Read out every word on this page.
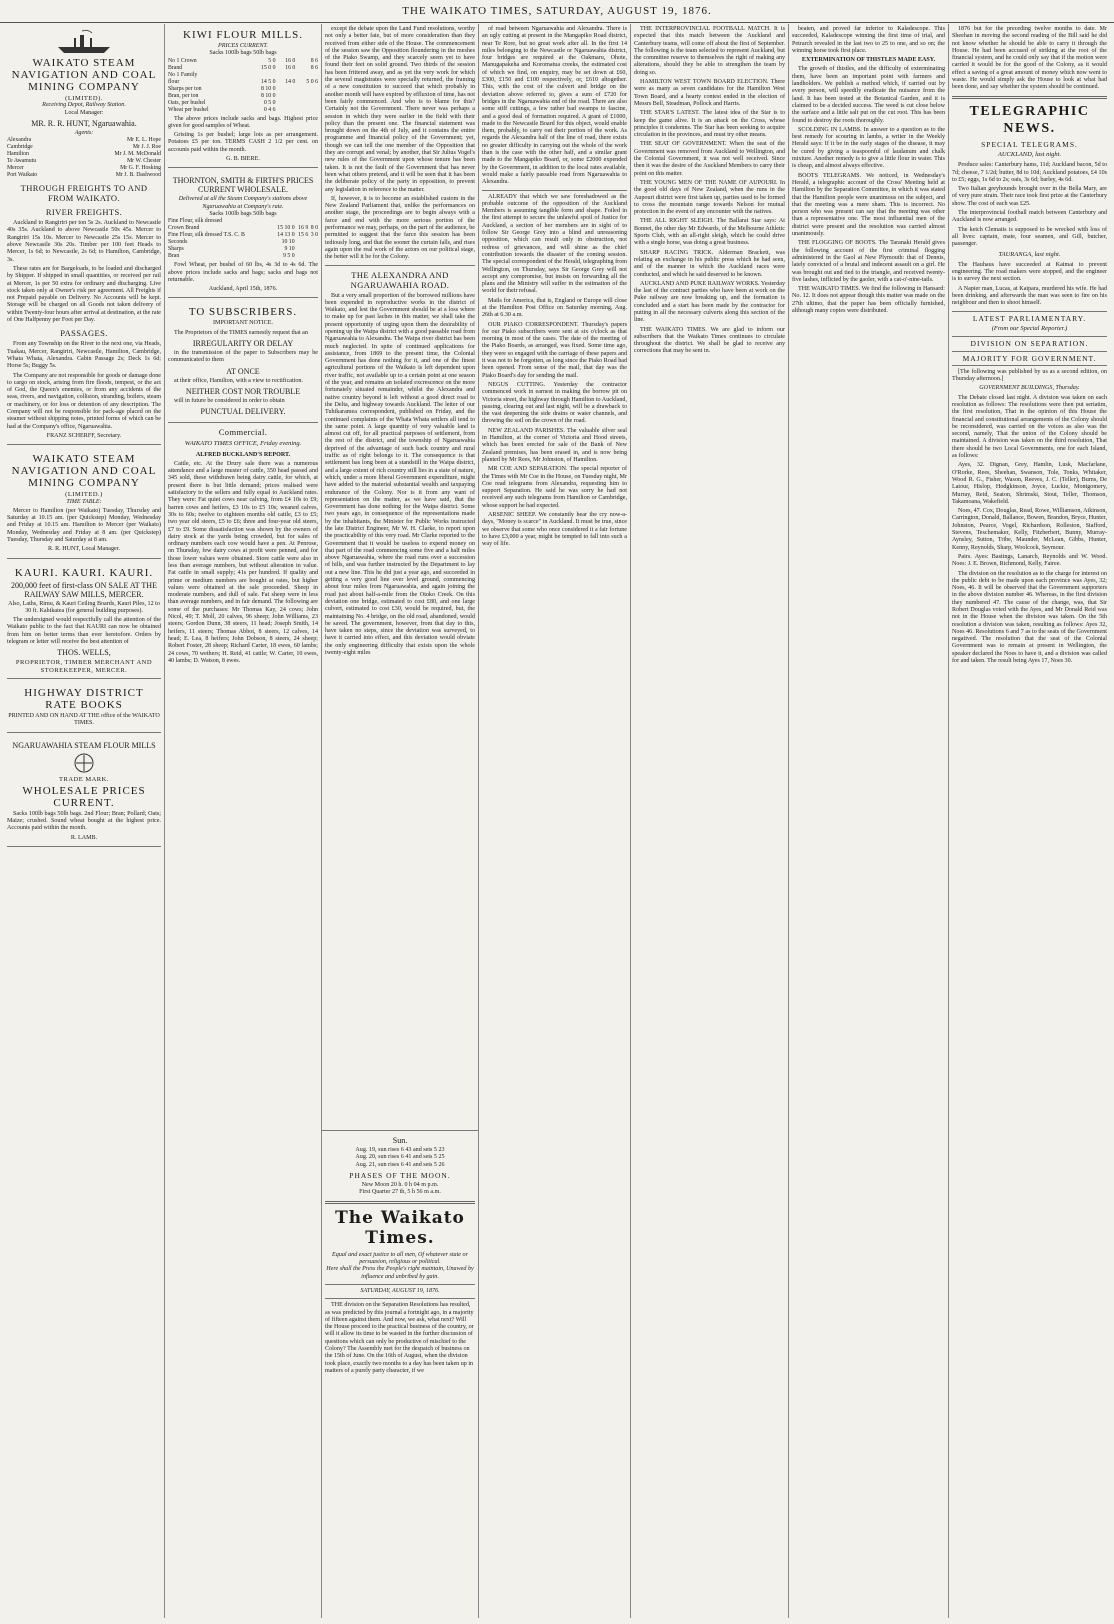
THE WAIKATO TIMES, SATURDAY, AUGUST 19, 1876.
WAIKATO STEAM NAVIGATION AND COAL MINING COMPANY
(LIMITED).
Receiving Depot, Railway Station.
Local Manager:
MR. R. R. HUNT, Ngaruawahia.
Agents:
Alexandra	Mr E. L. Hope
Cambridge	Mr J. J. Roe
Hamilton	Mr J. M. McDonald
Te Awamutu	Mr W. Chester
Mercer	Mr G. F. Hosking
Port Waikato	Mr J. B. Dashwood
THROUGH FREIGHTS TO AND FROM WAIKATO.
RIVER FREIGHTS.
Auckland to Rangiriri per ton 5s 2s. Auckland to Newcastle 40s 35s. Auckland to above Newcastle 50s 45s. Mercer to Rangiriri 15s 10s. Mercer to Newcastle 25s 15s. Mercer to above Newcastle 30s 20s. Timber per 100 feet Heads to Mercer, 1s 6d; to Newcastle, 2s 6d; to Hamilton, Cambridge, 3s.
These rates are for Bargeloads, to be loaded and discharged by Shipper. If shipped in small quantities, or received per rail at Mercer, 1s per 50 extra for ordinary and discharging. Live stock taken only at Owner's risk per agreement. All Freights if not Prepaid payable on Delivery. No Accounts will be kept. Storage will be charged on all Goods not taken delivery of within Twenty-four hours after arrival at destination, at the rate of One Halfpenny per Foot per Day.
PASSAGES.
From any Township on the River to the next one, via Heads, Tuakau, Mercer, Rangiriri, Newcastle, Hamilton, Cambridge, Whata Whata, Alexandra. Cabin Passage 2s; Deck 1s 6d; Horse 5s; Buggy 5s.
The Company are not responsible for goods or damage done to cargo on stock, arising from fire floods, tempest, or the act of God, the Queen's enemies, or from any accidents of the seas, rivers, and navigation, collision, stranding, boilers, steam or machinery, or for loss or detention of any description. The Company will not be responsible for pack-age placed on the steamer without shipping notes, printed forms of which can be had at the Company's office, Ngaruawahia.
FRANZ SCHERFF, Secretary.
WAIKATO STEAM NAVIGATION AND COAL MINING COMPANY
(LIMITED.)
TIME TABLE:
Mercer to Hamilton (per Waikato) Tuesday, Thursday and Saturday at 10.15 am. (per Quickstep) Monday, Wednesday and Friday at 10.15 am. Hamilton to Mercer (per Waikato) Monday, Wednesday and Friday at 8 am. (per Quickstep) Tuesday, Thursday and Saturday at 8 am.
R. R. HUNT, Local Manager.
KAURI. KAURI. KAURI.
200,000 feet of first-class ON SALE AT THE RAILWAY SAW MILLS, MERCER.
Also, Laths, Rimu, & Kauri Ceiling Boards, Kauri Piles, 12 to 30 ft. Kahikatea (for general building purposes).
The undersigned would respectfully call the attention of the Waikato public to the fact that KAURI can now be obtained from him on better terms than ever heretofore. Orders by telegram or letter will receive the best attention of
THOS. WELLS,
PROPRIETOR, TIMBER MERCHANT AND STOREKEEPER, MERCER.
HIGHWAY DISTRICT RATE BOOKS
PRINTED AND ON HAND AT THE office of the WAIKATO TIMES.
NGARUAWAHIA STEAM FLOUR MILLS
TRADE MARK.
WHOLESALE PRICES CURRENT.
Sacks 100lb bags 50lb bags. 2nd Flour; Bran; Pollard; Oats; Maize; crushed. Sound wheat bought at the highest price. Accounts paid within the month.
R. LAMB.
KIWI FLOUR MILLS.
PRICES CURRENT.
Sacks 100lb bags 50lb bags
No 1 Crown	5 0	16 0	8 6
Brand	15 0 0	16 0	8 6
No 1 Family			
flour	14 5 0	14 0	5 0 6
Sharps per ton	8 10 0		
Bran, per ton	8 10 0		
Oats, per bushel	0 5 0		
Wheat per bushel	0 4 6		
The above prices include sacks and bags. Highest price given for good samples of Wheat.
Gristing 1s per bushel; large lots as per arrangement. Potatoes £5 per ton. TERMS CASH 2 1/2 per cent. on accounts paid within the month.
G. B. BIERE.
THORNTON, SMITH & FIRTH'S PRICES CURRENT WHOLESALE.
Delivered at all the Steam Company's stations above Ngaruawahia at Company's rate.
Sacks 100lb bags 50lb bags
Fine Flour, silk dressed			
Crown Brand	15 10 0	16 9	8 0
Fine Flour, silk dressed T.S. C. B	14 13 0	15 6	3 0
Seconds	10 10		
Sharps	9 10		
Bran	9 5 0		
Fowl Wheat, per bushel of 60 lbs, 4s 3d to 4s 6d. The above prices include sacks and bags; sacks and bags not returnable.
Auckland, April 15th, 1876.
TO SUBSCRIBERS.
IMPORTANT NOTICE.
The Proprietors of the TIMES earnestly request that an
IRREGULARITY OR DELAY
in the transmission of the paper to Subscribers may be communicated to them
AT ONCE
at their office, Hamilton, with a view to rectification.
NEITHER COST NOR TROUBLE
will in future be considered in order to obtain
PUNCTUAL DELIVERY.
Commercial.
WAIKATO TIMES OFFICE, Friday evening.
ALFRED BUCKLAND'S REPORT.
Cattle, etc. At the Drury sale there was a numerous attendance and a large muster of cattle, 350 head passed and 345 sold, these withdrawn being dairy cattle, for which, at present there is but little demand; prices realised were satisfactory to the sellers and fully equal to Auckland rates. They were: Fat quiet cows near calving, from £4 10s to £9; barren cows and heifers, £3 10s to £5 10s; weaned calves, 30s to 60s; twelve to eighteen months old cattle, £3 to £5; two year old steers, £5 to £6; three and four-year old steers, £7 to £9. Some dissatisfaction was shown by the owners of dairy stock at the yards being crowded, but for sales of ordinary numbers each cow would have a pen. At Penrose, on Thursday, few dairy cows at profit were penned, and for those lower values were obtained. Store cattle were also in less than average numbers, but without alteration in value. Fat cattle in small supply; 41s per hundred. If quality and prime or medium numbers are bought at rates, but higher values were obtained at the sale proceeded. Sheep in moderate numbers, and dull of sale. Fat sheep were in less than average numbers, and in fair demand. The following are some of the purchases: Mr Thomas Kay, 24 cows; John Nicol, 49; T. Moll, 20 calves, 96 sheep; John Williams, 23 steers; Gordon Dunn, 38 steers, 11 head; Joseph Smith, 14 heifers, 11 steers; Thomas Abbot, 8 steers, 12 calves, 14 head; E. Lea, 8 heifers; John Dobson, 8 steers, 24 sheep; Robert Foster, 28 sheep; Richard Carter, 18 ewes, 60 lambs; 24 cows, 70 wethers; H. Reid, 41 cattle; W. Carter, 10 ewes, 40 lambs; D. Watson, 8 ewes.
except the debate upon the Land Fund resolutions, worthy not only a better fate, but of more consideration than they received from either side of the House. The commencement of the session saw the Opposition floundering in the meshes of the Piako Swamp, and they scarcely seem yet to have found their feet on solid ground. Two thirds of the session has been frittered away, and as yet the very work for which the several magistrates were specially returned, the framing of a new constitution to succeed that which probably in another month will have expired by effluxion of time, has not been fairly commenced. And who is to blame for this? Certainly not the Government. There never was perhaps a session in which they were earlier in the field with their policy than the present one. The financial statement was brought down on the 4th of July, and it contains the entire programme and financial policy of the Government; yet, though we can tell the one member of the Opposition that they are corrupt and venal; by another, that Sir Julius Vogel's new rules of the Government upon whose tenure has been taken. It is not the fault of the Government that has never been what others pretend, and it will be seen that it has been the deliberate policy of the party in opposition, to prevent any legislation in reference to the matter.
If, however, it is to become an established custom in the New Zealand Parliament that, unlike the performances on another stage, the proceedings are to begin always with a farce and end with the more serious portion of the performance we may, perhaps, on the part of the audience, be permitted to suggest that the farce this session has been tediously long, and that the sooner the curtain falls, and rises again upon the real work of the actors on our political stage, the better will it be for the Colony.
THE ALEXANDRA AND NGARUAWAHIA ROAD.
But a very small proportion of the borrowed millions have been expended in reproductive works in the district of Waikato, and lest the Government should be at a loss where to make up for past laches in this matter, we shall take the present opportunity of urging upon them the desirability of opening up the Waipa district with a good passable road from Ngaruawahia to Alexandra. The Waipa river district has been much neglected. In spite of continued applications for assistance, from 1869 to the present time, the Colonial Government has done nothing for it, and one of the finest agricultural portions of the Waikato is left dependent upon river traffic, not available up to a certain point at one season of the year, and remains an isolated excrescence on the more fortunately situated remainder, whilst the Alexandra and native country beyond is left without a good direct road to the Delta, and highway towards Auckland. The letter of our Tuhikaramea correspondent, published on Friday, and the continued complaints of the Whata Whata settlers all tend to the same point. A large quantity of very valuable land is almost cut off, for all practical purposes of settlement, from the rest of the district, and the township of Ngaruawahia deprived of the advantage of such back country and rural traffic as of right belongs to it. The consequence is that settlement has long been at a standstill in the Waipa district, and a large extent of rich country still lies in a state of nature, which, under a more liberal Government expenditure, might have added to the material substantial wealth and taxpaying endurance of the Colony. Nor is it from any want of representation on the matter, as we have said, that the Government has done nothing for the Waipa district. Some two years ago, in consequence of the representations made by the inhabitants, the Minister for Public Works instructed the late District Engineer, Mr W. H. Clarke, to report upon the practicability of this very road. Mr Clarke reported to the Government that it would be useless to expend money on that part of the road commencing some five and a half miles above Ngaruawahia, where the road runs over a succession of hills, and was further instructed by the Department to lay out a new line. This he did just a year ago, and succeeded in getting a very good line over level ground, commencing about four miles from Ngaruawahia, and again joining the road just about half-a-mile from the Otoko Creek. On this deviation one bridge, estimated to cost £80, and one large culvert, estimated to cost £30, would be required, but, the maintaining No. 4 bridge, on the old road, abandoned, would be saved. The government, however, from that day to this, have taken no steps, since the deviation was surveyed, to have it carried into effect, and this deviation would obviate the only engineering difficulty that exists upon the whole twenty-eight miles
of road between Ngaruawahia and Alexandra. There is an ugly cutting at present in the Mangapiko Road district, near Te Rore, but no great work after all. In the first 14 miles belonging to the Newcastle or Ngaruawahia district, four bridges are required at the Oakmaru, Ohote, Manugapakeha and Koromatua creeks, the estimated cost of which we find, on enquiry, may be set down at £60, £300, £150 and £100 respectively, or, £610 altogether. This, with the cost of the culvert and bridge on the deviation above referred to, gives a sum of £720 for bridges in the Ngaruawahia end of the road. There are also some stiff cuttings, a few rather bad swamps to fascine, and a good deal of formation required. A grant of £1000, made to the Newcastle Board for this object, would enable them, probably, to carry out their portion of the work. As regards the Alexandra half of the line of road, there exists no greater difficulty in carrying out the whole of the work than is the case with the other half, and a similar grant made to the Mangapiko Board, or, some £2000 expended by the Government, in addition to the local rates available, would make a fairly passable road from Ngaruawahia to Alexandra.
ALREADY that which we saw foreshadowed as the probable outcome of the opposition of the Auckland Members is assuming tangible form and shape. Foiled in the first attempt to secure the unlawful spoil of Justice for Auckland, a section of her members are in sight of to follow Sir George Grey into a blind and unreasoning opposition, which can result only in obstruction, not redress of grievances, and will shine as the chief contribution towards the disaster of the coming session. The special correspondent of the Herald, telegraphing from Wellington, on Thursday, says Sir George Grey will not accept any compromise, but insists on forwarding all the plans and the Ministry will suffer in the estimation of the world for their refusal.
Mails for America, that is, England or Europe will close at the Hamilton Post Office on Saturday morning, Aug. 26th at 6.30 a.m.
OUR PIAKO CORRESPONDENT. Thursday's papers for our Piako subscribers were sent at six o'clock as that morning in most of the cases. The date of the meeting of the Piako Boards, as arranged, was fixed. Some time ago, they were so engaged with the carriage of these papers and it was not to be forgotten, as long since the Piako Road had been opened. From sense of the mail, that day was the Piako Board's day for sending the mail.
NEGUS CUTTING. Yesterday the contractor commenced work in earnest in making the borrow pit on Victoria street, the highway through Hamilton to Auckland, passing, clearing out and last night, will be a drawback to the vast deepening the side drains or water channels, and throwing the soil on the crown of the road.
NEW ZEALAND PARISHES. The valuable silver seal in Hamilton, at the corner of Victoria and Hood streets, which has been erected for sale of the Bank of New Zealand premises, has been erased in, and is now being planted by Mr Rees, Mr Johnston, of Hamilton.
MR COE AND SEPARATION. The special reporter of the Times with Mr Coe in the House, on Tuesday night, Mr Coe read telegrams from Alexandra, requesting him to support Separation. He said he was sorry he had not received any such telegrams from Hamilton or Cambridge, whose support he had expected.
ARSENIC SHEEP. We constantly hear the cry now-a-days, "Money is scarce" in Auckland. It must be true, since we observe that some who once considered it a fair fortune to have £3,000 a year, might be tempted to fall into such a way of life.
THE INTERPROVINCIAL FOOTBALL MATCH. It is expected that this match between the Auckland and Canterbury teams, will come off about the first of September. The following is the team selected to represent Auckland, but the committee reserve to themselves the right of making any alterations, should they be able to strengthen the team by doing so.
HAMILTON WEST TOWN BOARD ELECTION. There were as many as seven candidates for the Hamilton West Town Board, and a hearty contest ended in the election of Messrs Bell, Steadman, Pollock and Harris.
THE STAR'S LATEST. The latest idea of the Star is to keep the game alive. It is an attack on the Cross, whose principles it condemns. The Star has been seeking to acquire circulation in the provinces, and must try other means.
THE SEAT OF GOVERNMENT. When the seat of the Government was removed from Auckland to Wellington, and the Colonial Government, it was not well received. Since then it was the desire of the Auckland Members to carry their point on this matter.
THE YOUNG MEN OF THE NAME OF AUPOURI. In the good old days of New Zealand, when the runs in the Aupouri district were first taken up, parties used to be formed to cross the mountain range towards Nelson for mutual protection in the event of any encounter with the natives.
THE ALL RIGHT SLEIGH. The Ballarat Star says: At Bonnet, the other day Mr Edwards, of the Melbourne Athletic Sports Club, with an all-right sleigh, which he could drive with a single horse, was doing a great business.
SHARP RACING TRICK. Alderman Brackett, was relating an exchange in his public press which he had seen, and of the manner in which the Auckland races were conducted, and which he said deserved to be known.
AUCKLAND AND PUKE RAILWAY WORKS. Yesterday the last of the contract parties who have been at work on the Puke railway are now breaking up, and the formation is concluded and a start has been made by the contractor for putting in all the necessary culverts along this section of the line.
THE WAIKATO TIMES. We are glad to inform our subscribers that the Waikato Times continues to circulate throughout the district. We shall be glad to receive any corrections that may be sent in.
beaten, and proved far inferior to Kaladescope. This succeeded, Kaladescope winning the first time of trial, and Petrarch revealed in the last two to 25 to one, and so on; the winning horse took first place.
EXTERMINATION OF THISTLES MADE EASY.
The growth of thistles, and the difficulty of exterminating them, have been an important point with farmers and landholders. We publish a method which, if carried out by every person, will speedily eradicate the nuisance from the land. It has been tested at the Botanical Garden, and it is claimed to be a decided success. The weed is cut close below the surface and a little salt put on the cut root. This has been found to destroy the roots thoroughly.
SCOLDING IN LAMBS. In answer to a question as to the best remedy for scouring in lambs, a writer in the Weekly Herald says: If it be in the early stages of the disease, it may be cured by giving a teaspoonful of laudanum and chalk mixture. Another remedy is to give a little flour in water. This is cheap, and almost always effective.
BOOTS TELEGRAMS. We noticed, in Wednesday's Herald, a telegraphic account of the Cross' Meeting held at Hamilton by the Separation Committee, in which it was stated that the Hamilton people were unanimous on the subject, and that the meeting was a mere sham. This is incorrect. No person who was present can say that the meeting was other than a representative one. The most influential men of the district were present and the resolution was carried almost unanimously.
THE FLOGGING OF BOOTS. The Taranaki Herald gives the following account of the first criminal flogging administered in the Gaol at New Plymouth: that of Dennis, lately convicted of a brutal and indecent assault on a girl. He was brought out and tied to the triangle, and received twenty-five lashes, inflicted by the gaoler, with a cat-o'-nine-tails.
THE WAIKATO TIMES. We find the following in Hansard: No. 12. It does not appear though this matter was made on the 27th ultimo, that the paper has been officially furnished, although many copies were distributed.
1876 but for the preceding twelve months to date. Mr Sheehan in moving the second reading of the Bill said he did not know whether he should be able to carry it through the House. He had been accused of striking at the root of the financial system, and he could only say that if the motion were carried it would be for the good of the Colony, as it would effect a saving of a great amount of money which now went to waste. He would simply ask the House to look at what had been done, and say whether the system should be continued.
TELEGRAPHIC NEWS.
SPECIAL TELEGRAMS.
AUCKLAND, last night.
Produce sales: Canterbury hams, 11d; Auckland bacon, 5d to 7d; cheese, 7 1/2d; butter, 8d to 10d; Auckland potatoes, £4 10s to £5; eggs, 1s 6d to 2s; oats, 3s 6d; barley, 4s 6d.
Two Italian greyhounds brought over in the Bella Mary, are of very pure strain. Their race took first prize at the Canterbury show. The cost of each was £25.
The interprovincial football match between Canterbury and Auckland is now arranged.
The ketch Clematis is supposed to be wrecked with loss of all lives: captain, mate, four seamen, and Gill, butcher, passenger.
TAURANGA, last night.
The Hauhaus have succeeded at Kaimai to prevent engineering. The road makers were stopped, and the engineer is to survey the next section.
A Napier man, Lucas, at Kaipara, murdered his wife. He had been drinking, and afterwards the man was seen to fire on his neighbour and then to shoot himself.
LATEST PARLIAMENTARY.
(From our Special Reporter.)
DIVISION ON SEPARATION.
MAJORITY FOR GOVERNMENT.
[The following was published by us as a second edition, on Thursday afternoon.]
GOVERNMENT BUILDINGS, Thursday.
The Debate closed last night. A division was taken on each resolution as follows: The resolutions were then put seriatim, the first resolution, That in the opinion of this House the financial and constitutional arrangements of the Colony should be reconsidered, was carried on the voices as also was the second, namely, That the union of the Colony should be maintained. A division was taken on the third resolution, That there should be two Local Governments, one for each Island, as follows:
Ayes, 32. Dignan, Grey, Hamlin, Lusk, Macfarlane, O'Rorke, Rees, Sheehan, Swanson, Tole, Tonks, Whitaker, Wood R. G., Fisher, Wason, Reeves, J. C. (Teller), Burns, De Latour, Hislop, Hodgkinson, Joyce, Luckie, Montgomery, Murray, Reid, Seaton, Shrimski, Stout, Teller, Thomson, Takamoana, Wakefield.
Noes, 47. Cox, Douglas, Read, Rowe, Williamson, Atkinson, Carrington, Donald, Ballance, Bowen, Brandon, Bryce, Hunter, Johnston, Pearce, Vogel, Richardson, Rolleston, Stafford, Stevens, Teschemaker, Kelly, Fitzherbert, Bunny, Murray-Aynsley, Sutton, Tribe, Maunder, McLean, Gibbs, Hunter, Kenny, Reynolds, Sharp, Woolcock, Seymour.
Pairs. Ayes: Bastings, Lanarch, Reynolds and W. Wood. Noes: J. E. Brown, Richmond, Kelly, Fairee.
The division on the resolution as to the charge for interest on the public debt to be made upon each province was Ayes, 32; Noes, 46. It will be observed that the Government supporters in the above division number 46. Whereas, in the first division they numbered 47. The cause of the change, was, that Sir Robert Douglas voted with the Ayes, and Mr Donald Reid was not in the House when the division was taken. On the 5th resolution a division was taken, resulting as follows: Ayes 32, Noes 46. Resolutions 6 and 7 as to the seats of the Government negatived. The resolution that the seat of the Colonial Government was to remain at present in Wellington, the speaker declared the Noes to have it, and a division was called for and taken. The result being Ayes 17, Noes 30.
Sun.
Aug. 19, sun rises 6 43 and sets 5 23
Aug. 20, sun rises 6 41 and sets 5 25
Aug. 21, sun rises 6 41 and sets 5 26
PHASES OF THE MOON.
New Moon 20 h. 0 h 04 m p.m.
First Quarter 27 th, 5 h 56 m a.m.
The Waikato Times.
Equal and exact justice to all men, Of whatever state or persuasion, religious or political.
Here shall the Press the People's right maintain, Unawed by influence and unbribed by gain.
SATURDAY, AUGUST 19, 1876.
THE division on the Separation Resolutions has resulted, as was predicted by this journal a fortnight ago, in a majority of fifteen against them. And now, we ask, what next? Will the House proceed to the practical business of the country, or will it allow its time to be wasted in the further discussion of questions which can only be productive of mischief to the Colony? The Assembly met for the despatch of business on the 15th of June. On the 16th of August, when the division took place, exactly two months to a day has been taken up in matters of a purely party character, if we
